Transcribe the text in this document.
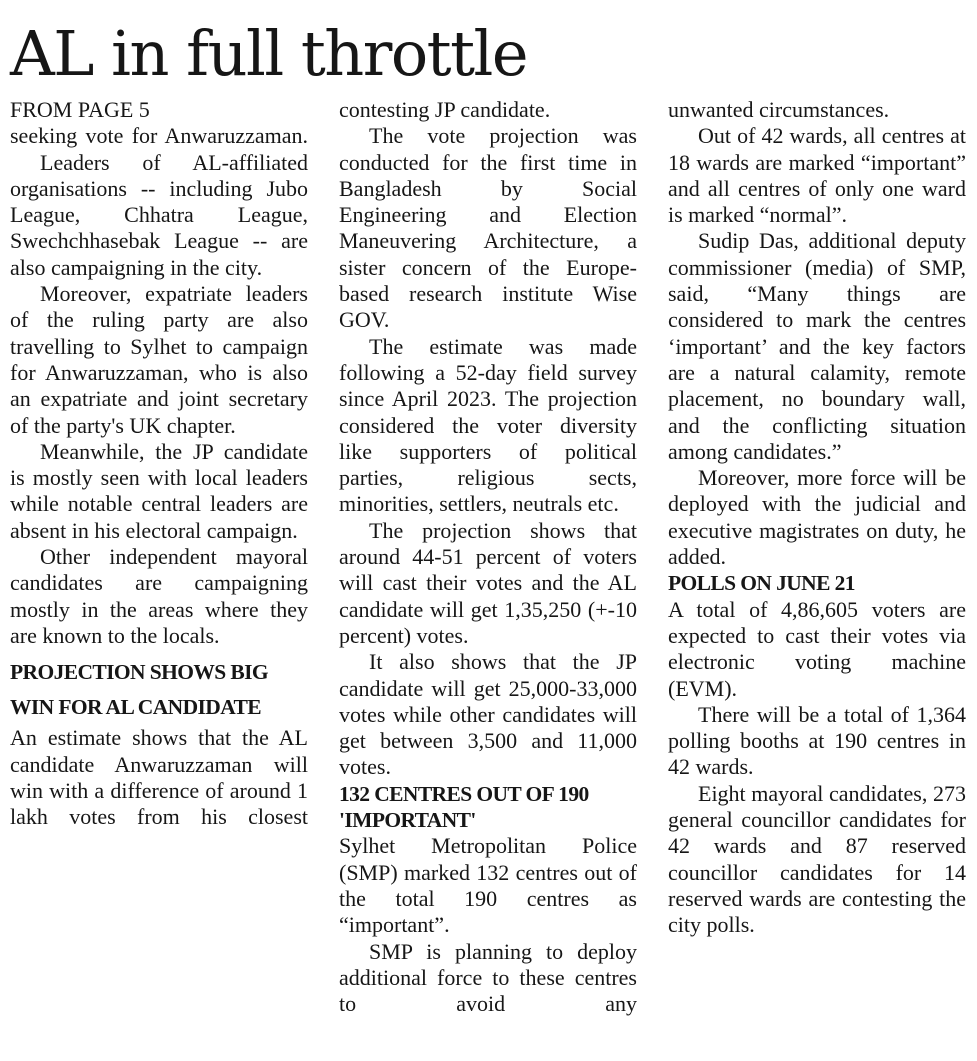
AL in full throttle
FROM PAGE 5

seeking vote for Anwaruzzaman.

Leaders of AL-affiliated organisations -- including Jubo League, Chhatra League, Swechchhasebak League -- are also campaigning in the city.

Moreover, expatriate leaders of the ruling party are also travelling to Sylhet to campaign for Anwaruzzaman, who is also an expatriate and joint secretary of the party's UK chapter.

Meanwhile, the JP candidate is mostly seen with local leaders while notable central leaders are absent in his electoral campaign.

Other independent mayoral candidates are campaigning mostly in the areas where they are known to the locals.

PROJECTION SHOWS BIG WIN FOR AL CANDIDATE

An estimate shows that the AL candidate Anwaruzzaman will win with a difference of around 1 lakh votes from his closest

contesting JP candidate.

The vote projection was conducted for the first time in Bangladesh by Social Engineering and Election Maneuvering Architecture, a sister concern of the Europe-based research institute Wise GOV.

The estimate was made following a 52-day field survey since April 2023. The projection considered the voter diversity like supporters of political parties, religious sects, minorities, settlers, neutrals etc.

The projection shows that around 44-51 percent of voters will cast their votes and the AL candidate will get 1,35,250 (+-10 percent) votes.

It also shows that the JP candidate will get 25,000-33,000 votes while other candidates will get between 3,500 and 11,000 votes.

132 CENTRES OUT OF 190 'IMPORTANT'

Sylhet Metropolitan Police (SMP) marked 132 centres out of the total 190 centres as “important”.

SMP is planning to deploy additional force to these centres to avoid any

unwanted circumstances.

Out of 42 wards, all centres at 18 wards are marked “important” and all centres of only one ward is marked “normal”.

Sudip Das, additional deputy commissioner (media) of SMP, said, “Many things are considered to mark the centres ‘important’ and the key factors are a natural calamity, remote placement, no boundary wall, and the conflicting situation among candidates.”

Moreover, more force will be deployed with the judicial and executive magistrates on duty, he added.

POLLS ON JUNE 21

A total of 4,86,605 voters are expected to cast their votes via electronic voting machine (EVM).

There will be a total of 1,364 polling booths at 190 centres in 42 wards.

Eight mayoral candidates, 273 general councillor candidates for 42 wards and 87 reserved councillor candidates for 14 reserved wards are contesting the city polls.
